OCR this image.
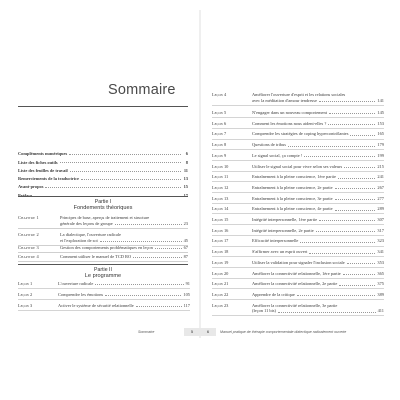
Sommaire
Compléments numériques	6
Liste des fiches outils	8
Liste des feuilles de travail	11
Remerciements de la traductrice	13
Avant-propos	15
Préface	17
Partie I
Fondements théoriques
Chapitre 1	Principes de base, aperçu de traitement et structure
générale des leçons de groupe	23
Chapitre 2	La dialectique, l'ouverture radicale
et l'exploration de soi	45
Chapitre 3	Gestion des comportements problématiques en leçon	67
Chapitre 4	Comment utiliser le manuel de TCD RO	87
Partie II
Le programme
Leçon 1	L'ouverture radicale	91
Leçon 2	Comprendre les émotions	105
Leçon 3	Activer le système de sécurité relationnelle	117
Sommaire	5
Leçon 4	Améliorer l'ouverture d'esprit et les relations sociales
avec la méditation d'amour tendresse	141
Leçon 5	N'engager dans un nouveau comportement	145
Leçon 6	Comment les émotions nous aident-elles ?	153
Leçon 7	Comprendre les stratégies de coping hypercontrôlantes	165
Leçon 8	Questions de tribus	179
Leçon 9	Le signal social, ça compte !	199
Leçon 10	Utiliser le signal social pour vivre selon ses valeurs	215
Leçon 11	Entraînement à la pleine conscience, 1ère partie	241
Leçon 12	Entraînement à la pleine conscience, 2e partie	267
Leçon 13	Entraînement à la pleine conscience, 3e partie	277
Leçon 14	Entraînement à la pleine conscience, 4e partie	289
Leçon 15	Intégrité interpersonnelle, 1ère partie	307
Leçon 16	Intégrité interpersonnelle, 2e partie	317
Leçon 17	Efficacité interpersonnelle	323
Leçon 18	S'affirmer avec un esprit ouvert	341
Leçon 19	Utiliser la validation pour signaler l'inclusion sociale	353
Leçon 20	Améliorer la connectivité relationnelle, 1ère partie	365
Leçon 21	Améliorer la connectivité relationnelle, 2e partie	375
Leçon 22	Apprendre de la critique	389
Leçon 23	Améliorer la connectivité relationnelle, 3e partie
(leçon 11 bis)	411
6	Manuel pratique de thérapie comportementale dialectique radicalement ouverte
